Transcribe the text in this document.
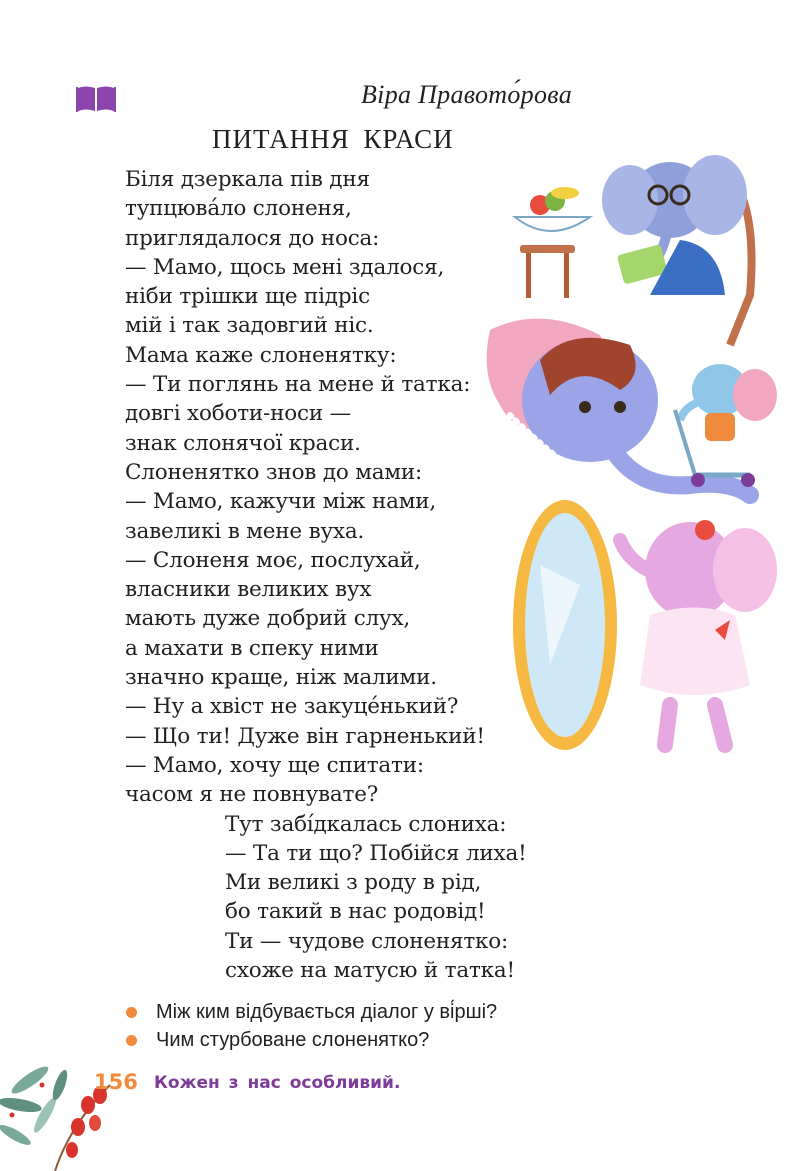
Віра Правото́рова
ПИТАННЯ КРАСИ
Біля дзеркала пів дня
тупцюва́ло слоненя,
приглядалося до носа:
— Мамо, щось мені здалося,
ніби трішки ще підріс
мій і так задовгий ніс.
Мама каже слоненятку:
— Ти поглянь на мене й татка:
довгі хоботи-носи —
знак слонячої краси.
Слоненятко знов до мами:
— Мамо, кажучи між нами,
завеликі в мене вуха.
— Слоненя моє, послухай,
власники великих вух
мають дуже добрий слух,
а махати в спеку ними
значно краще, ніж малими.
— Ну а хвіст не закуце́нький?
— Що ти! Дуже він гарненький!
— Мамо, хочу ще спитати:
часом я не повнувате?
Тут забі́дкалась слониха:
— Та ти що? Побійся лиха!
Ми великі з роду в рід,
бо такий в нас родовід!
Ти — чудове слоненятко:
схоже на матусю й татка!
Між ким відбувається діалог у ві́рші?
Чим стурбоване слоненятко?
156 Кожен з нас особливий.
